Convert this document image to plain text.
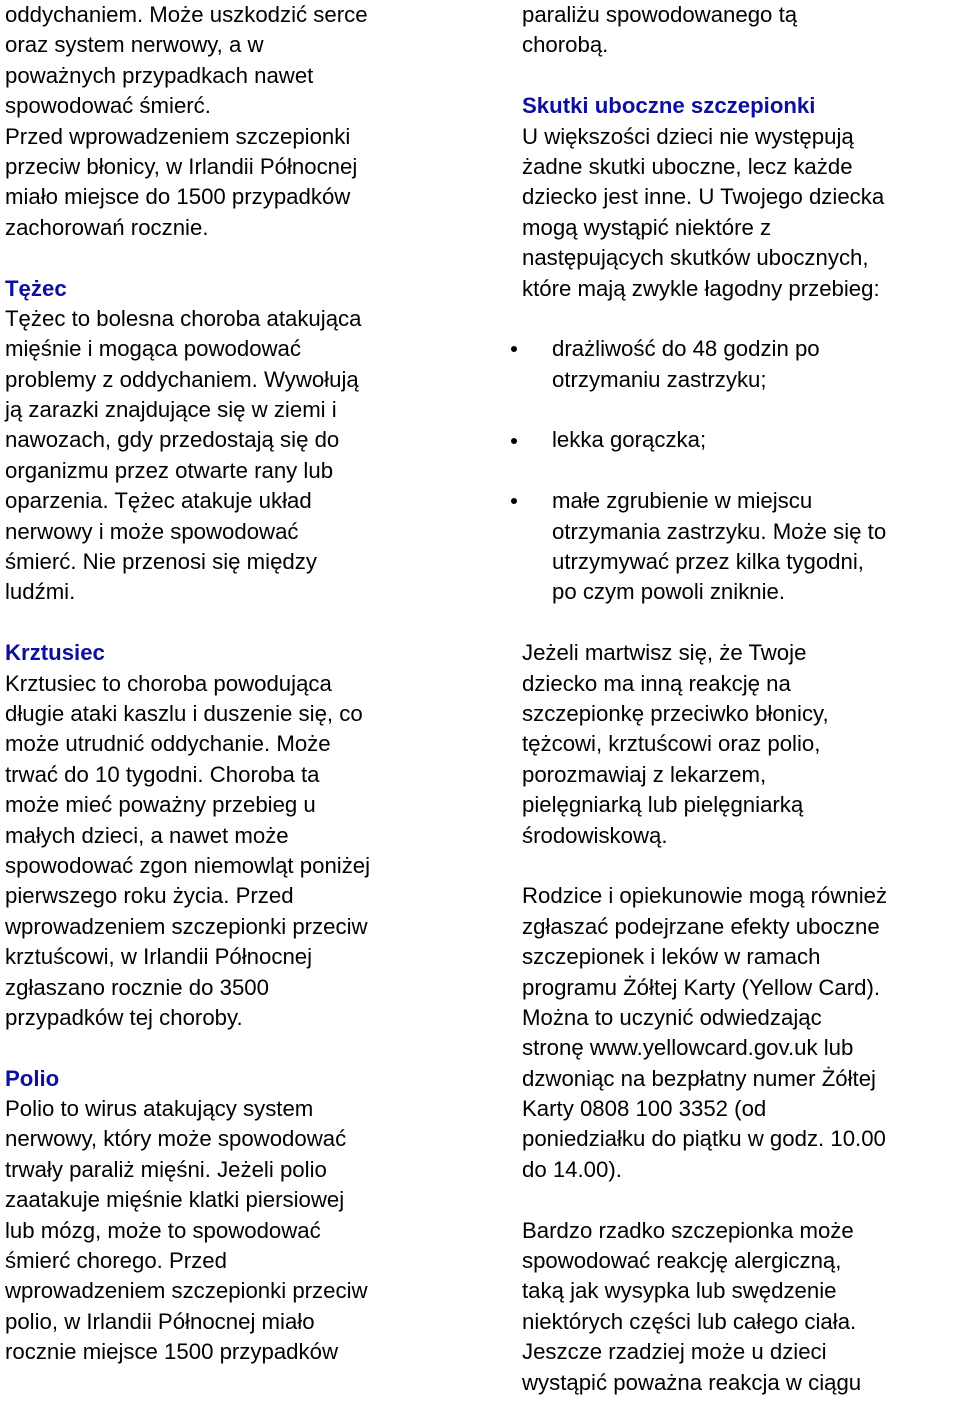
oddychaniem. Może uszkodzić serce
oraz system nerwowy, a w
poważnych przypadkach nawet
spowodować śmierć.
Przed wprowadzeniem szczepionki
przeciw błonicy, w Irlandii Północnej
miało miejsce do 1500 przypadków
zachorowań rocznie.
Tężec
Tężec to bolesna choroba atakująca
mięśnie i mogąca powodować
problemy z oddychaniem. Wywołują
ją zarazki znajdujące się w ziemi i
nawozach, gdy przedostają się do
organizmu przez otwarte rany lub
oparzenia. Tężec atakuje układ
nerwowy i może spowodować
śmierć. Nie przenosi się między
ludźmi.
Krztusiec
Krztusiec to choroba powodująca
długie ataki kaszlu i duszenie się, co
może utrudnić oddychanie. Może
trwać do 10 tygodni. Choroba ta
może mieć poważny przebieg u
małych dzieci, a nawet może
spowodować zgon niemowląt poniżej
pierwszego roku życia. Przed
wprowadzeniem szczepionki przeciw
krztuścowi, w Irlandii Północnej
zgłaszano rocznie do 3500
przypadków tej choroby.
Polio
Polio to wirus atakujący system
nerwowy, który może spowodować
trwały paraliż mięśni. Jeżeli polio
zaatakuje mięśnie klatki piersiowej
lub mózg, może to spowodować
śmierć chorego. Przed
wprowadzeniem szczepionki przeciw
polio, w Irlandii Północnej miało
rocznie miejsce 1500 przypadków
paraliżu spowodowanego tą
chorobą.
Skutki uboczne szczepionki
U większości dzieci nie występują
żadne skutki uboczne, lecz każde
dziecko jest inne. U Twojego dziecka
mogą wystąpić niektóre z
następujących skutków ubocznych,
które mają zwykle łagodny przebieg:
drażliwość do 48 godzin po
otrzymaniu zastrzyku;
lekka gorączka;
małe zgrubienie w miejscu
otrzymania zastrzyku. Może się to
utrzymywać przez kilka tygodni,
po czym powoli zniknie.
Jeżeli martwisz się, że Twoje
dziecko ma inną reakcję na
szczepionkę przeciwko błonicy,
tężcowi, krztuścowi oraz polio,
porozmawiaj z lekarzem,
pielęgniarką lub pielęgniarką
środowiskową.
Rodzice i opiekunowie mogą również
zgłaszać podejrzane efekty uboczne
szczepionek i leków w ramach
programu Żółtej Karty (Yellow Card).
Można to uczynić odwiedzając
stronę www.yellowcard.gov.uk lub
dzwoniąc na bezpłatny numer Żółtej
Karty 0808 100 3352 (od
poniedziałku do piątku w godz. 10.00
do 14.00).
Bardzo rzadko szczepionka może
spowodować reakcję alergiczną,
taką jak wysypka lub swędzenie
niektórych części lub całego ciała.
Jeszcze rzadziej może u dzieci
wystąpić poważna reakcja w ciągu
